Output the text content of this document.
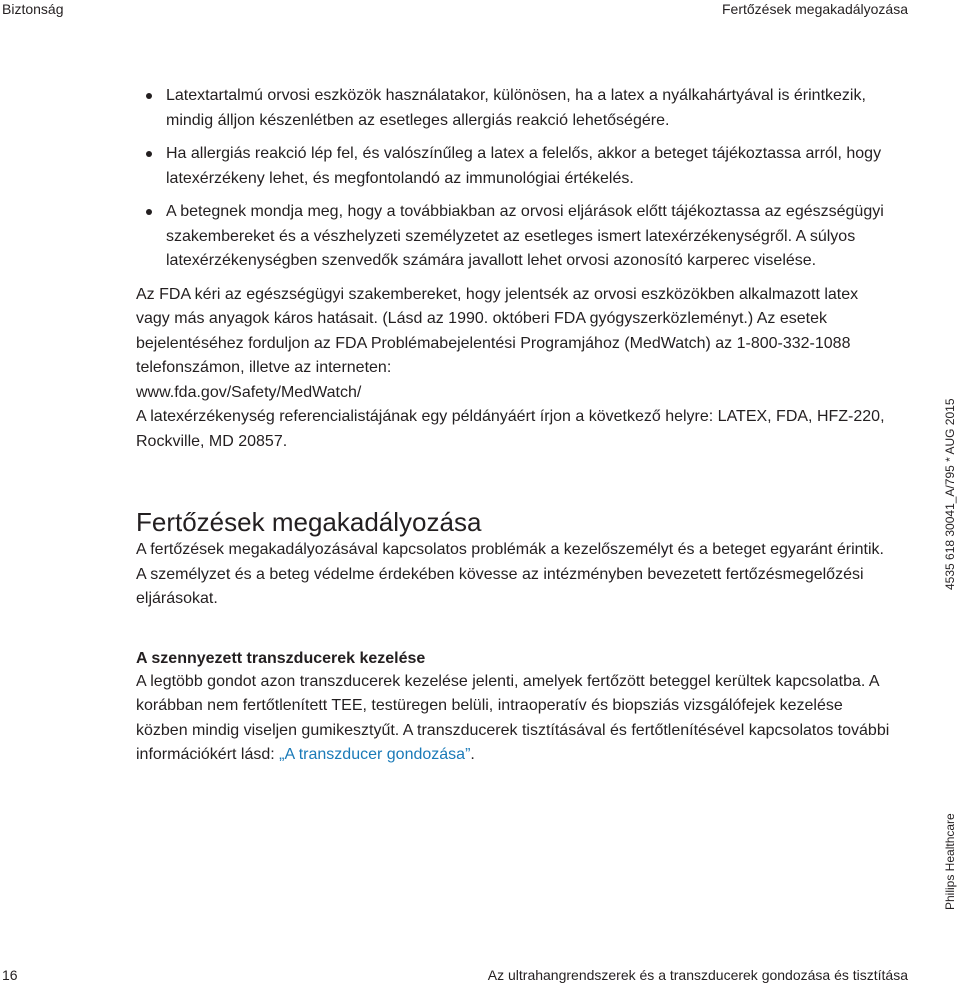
Biztonság	Fertőzések megakadályozása
Latextartalmú orvosi eszközök használatakor, különösen, ha a latex a nyálkahártyával is érintkezik, mindig álljon készenlétben az esetleges allergiás reakció lehetőségére.
Ha allergiás reakció lép fel, és valószínűleg a latex a felelős, akkor a beteget tájékoztassa arról, hogy latexérzékeny lehet, és megfontolandó az immunológiai értékelés.
A betegnek mondja meg, hogy a továbbiakban az orvosi eljárások előtt tájékoztassa az egészségügyi szakembereket és a vészhelyzeti személyzetet az esetleges ismert latexérzékenységről. A súlyos latexérzékenységben szenvedők számára javallott lehet orvosi azonosító karperec viselése.

Az FDA kéri az egészségügyi szakembereket, hogy jelentsék az orvosi eszközökben alkalmazott latex vagy más anyagok káros hatásait. (Lásd az 1990. októberi FDA gyógyszerközleményt.) Az esetek bejelentéséhez forduljon az FDA Problémabejelentési Programjához (MedWatch) az 1-800-332-1088 telefonszámon, illetve az interneten:

www.fda.gov/Safety/MedWatch/

A latexérzékenység referencialistájának egy példányáért írjon a következő helyre: LATEX, FDA, HFZ-220, Rockville, MD 20857.

Fertőzések megakadályozása

A fertőzések megakadályozásával kapcsolatos problémák a kezelőszemélyt és a beteget egyaránt érintik. A személyzet és a beteg védelme érdekében kövesse az intézményben bevezetett fertőzésmegelőzési eljárásokat.

A szennyezett transzducerek kezelése

A legtöbb gondot azon transzducerek kezelése jelenti, amelyek fertőzött beteggel kerültek kapcsolatba. A korábban nem fertőtlenített TEE, testüregen belüli, intraoperatív és biopsziás vizsgálófejek kezelése közben mindig viseljen gumikesztyűt. A transzducerek tisztításával és fertőtlenítésével kapcsolatos további információkért lásd: „A transzducer gondozása”.

4535 618 30041_A/795 * AUG 2015
Philips Healthcare
16	Az ultrahangrendszerek és a transzducerek gondozása és tisztítása
